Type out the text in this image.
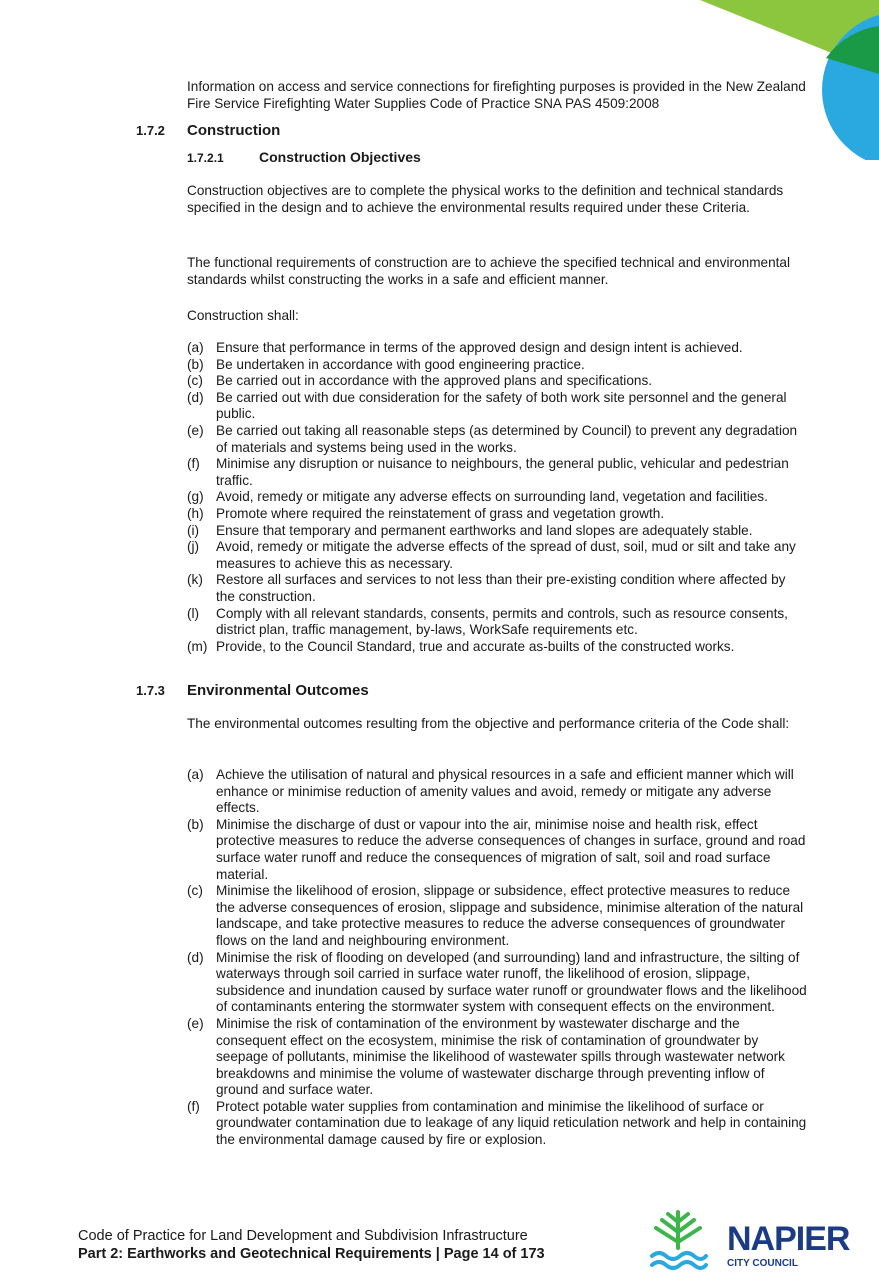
Information on access and service connections for firefighting purposes is provided in the New Zealand Fire Service Firefighting Water Supplies Code of Practice SNA PAS 4509:2008

1.7.2 Construction
1.7.2.1	Construction Objectives

Construction objectives are to complete the physical works to the definition and technical standards specified in the design and to achieve the environmental results required under these Criteria.

The functional requirements of construction are to achieve the specified technical and environmental standards whilst constructing the works in a safe and efficient manner.

Construction shall:

(a) Ensure that performance in terms of the approved design and design intent is achieved.
(b) Be undertaken in accordance with good engineering practice.
(c) Be carried out in accordance with the approved plans and specifications.
(d) Be carried out with due consideration for the safety of both work site personnel and the general public.
(e) Be carried out taking all reasonable steps (as determined by Council) to prevent any degradation of materials and systems being used in the works.
(f) Minimise any disruption or nuisance to neighbours, the general public, vehicular and pedestrian traffic.
(g) Avoid, remedy or mitigate any adverse effects on surrounding land, vegetation and facilities.
(h) Promote where required the reinstatement of grass and vegetation growth.
(i) Ensure that temporary and permanent earthworks and land slopes are adequately stable.
(j) Avoid, remedy or mitigate the adverse effects of the spread of dust, soil, mud or silt and take any measures to achieve this as necessary.
(k) Restore all surfaces and services to not less than their pre-existing condition where affected by the construction.
(l) Comply with all relevant standards, consents, permits and controls, such as resource consents, district plan, traffic management, by-laws, WorkSafe requirements etc.
(m) Provide, to the Council Standard, true and accurate as-builts of the constructed works.
1.7.3 Environmental Outcomes

The environmental outcomes resulting from the objective and performance criteria of the Code shall:

(a) Achieve the utilisation of natural and physical resources in a safe and efficient manner which will enhance or minimise reduction of amenity values and avoid, remedy or mitigate any adverse effects.
(b) Minimise the discharge of dust or vapour into the air, minimise noise and health risk, effect protective measures to reduce the adverse consequences of changes in surface, ground and road surface water runoff and reduce the consequences of migration of salt, soil and road surface material.
(c) Minimise the likelihood of erosion, slippage or subsidence, effect protective measures to reduce the adverse consequences of erosion, slippage and subsidence, minimise alteration of the natural landscape, and take protective measures to reduce the adverse consequences of groundwater flows on the land and neighbouring environment.
(d) Minimise the risk of flooding on developed (and surrounding) land and infrastructure, the silting of waterways through soil carried in surface water runoff, the likelihood of erosion, slippage, subsidence and inundation caused by surface water runoff or groundwater flows and the likelihood of contaminants entering the stormwater system with consequent effects on the environment.
(e) Minimise the risk of contamination of the environment by wastewater discharge and the consequent effect on the ecosystem, minimise the risk of contamination of groundwater by seepage of pollutants, minimise the likelihood of wastewater spills through wastewater network breakdowns and minimise the volume of wastewater discharge through preventing inflow of ground and surface water.
(f) Protect potable water supplies from contamination and minimise the likelihood of surface or groundwater contamination due to leakage of any liquid reticulation network and help in containing the environmental damage caused by fire or explosion.
Code of Practice for Land Development and Subdivision Infrastructure
Part 2: Earthworks and Geotechnical Requirements | Page 14 of 173	NAPIER
CITY COUNCIL
